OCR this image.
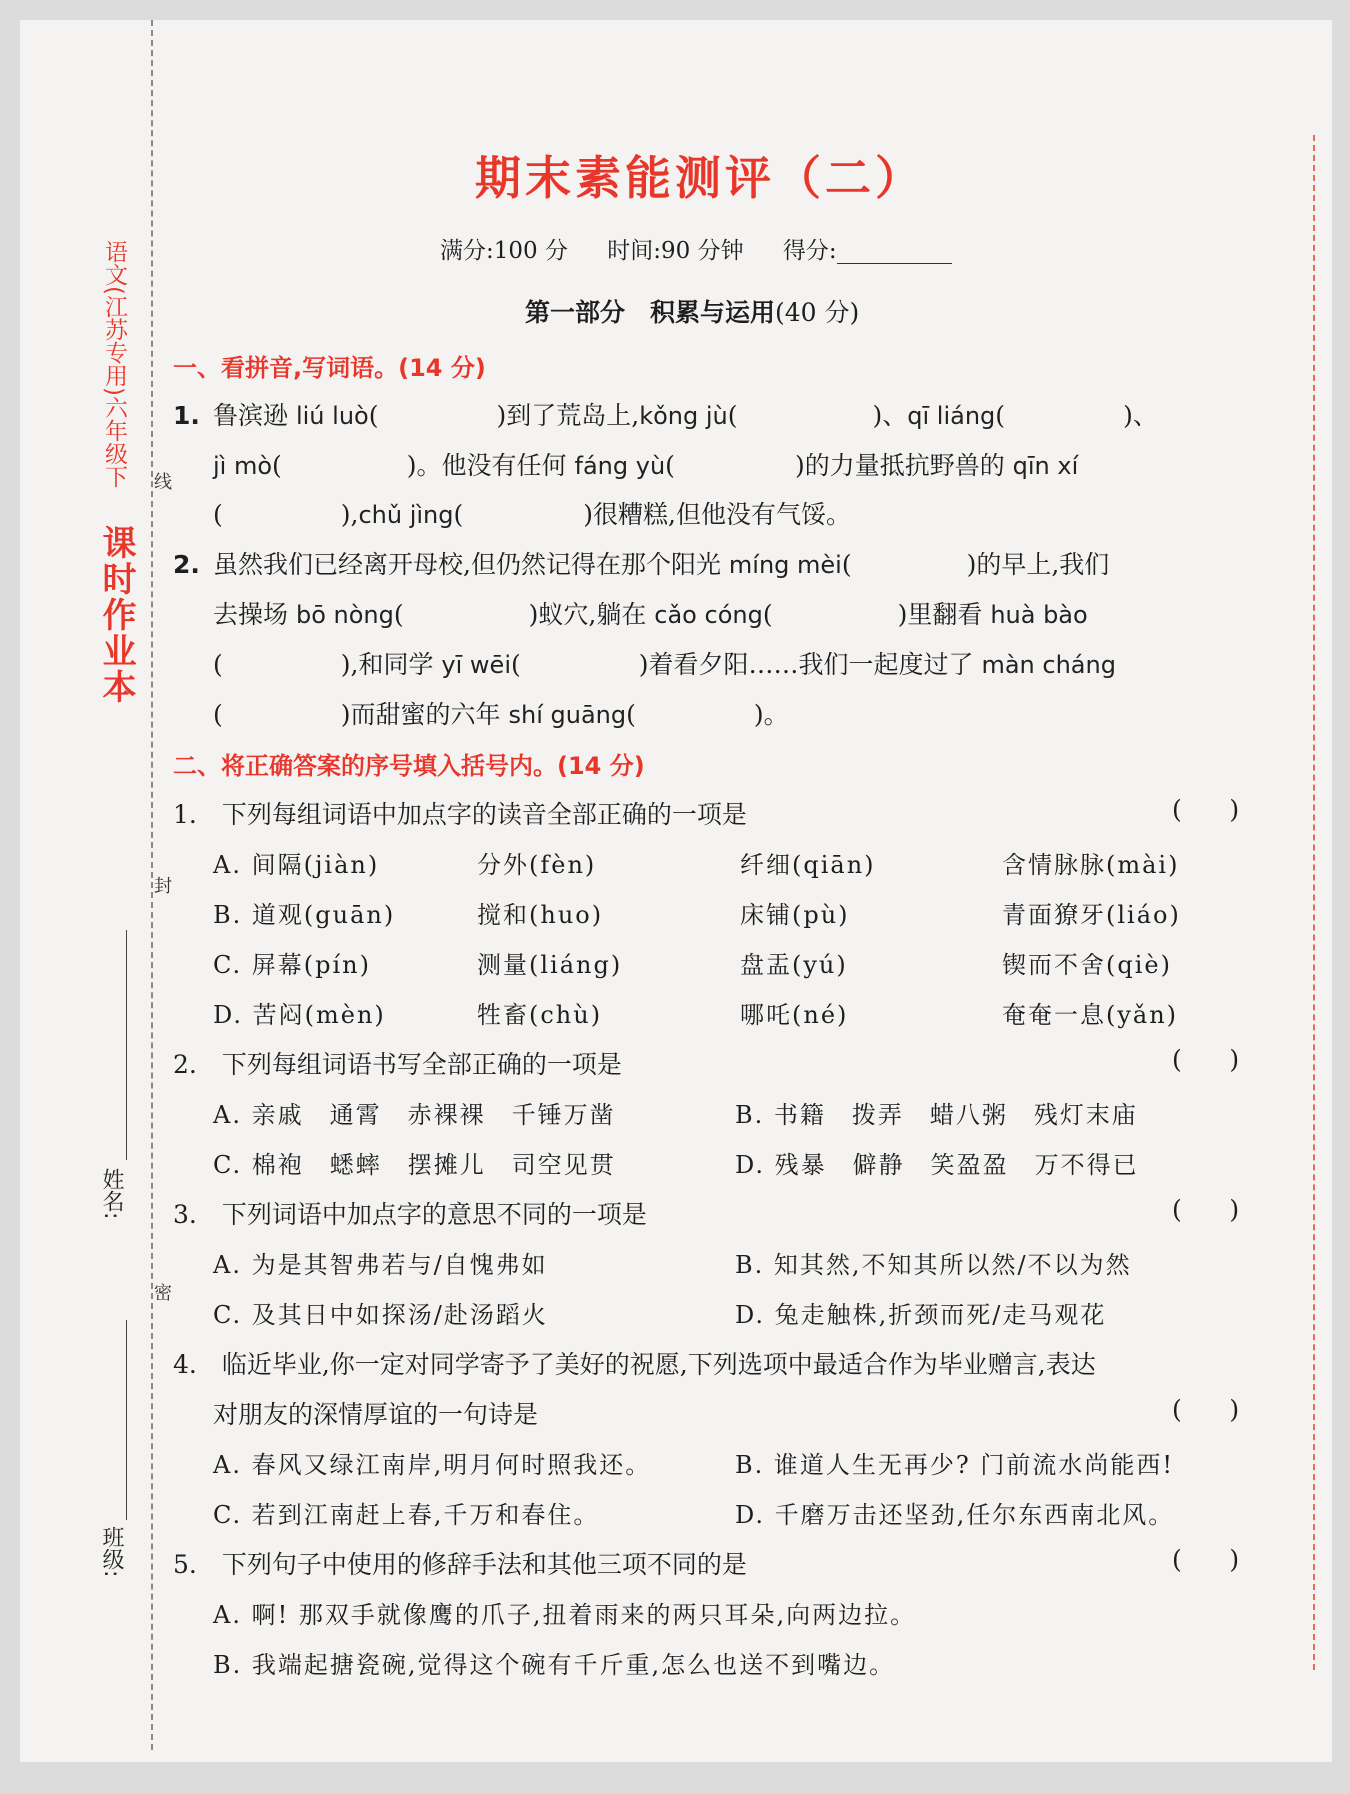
语文(江苏专用)六年级下
课时作业本
线
封
密
姓名:
班级:
期末素能测评（二）
满分:100 分 时间:90 分钟 得分:
第一部分　积累与运用(40 分)
一、看拼音,写词语。(14 分)
1. 鲁滨逊 liú luò(	)到了荒岛上,kǒng jù(	)、qī liáng(	)、
jì mò(	)。他没有任何 fáng yù(	)的力量抵抗野兽的 qīn xí
(	),chǔ jìng(	)很糟糕,但他没有气馁。
2. 虽然我们已经离开母校,但仍然记得在那个阳光 míng mèi(	)的早上,我们
去操场 bō nòng(	)蚁穴,躺在 cǎo cóng(	)里翻看 huà bào
(	),和同学 yī wēi(	)着看夕阳……我们一起度过了 màn cháng
(	)而甜蜜的六年 shí guāng(	)。
二、将正确答案的序号填入括号内。(14 分)
1.　下列每组词语中加点字的读音全部正确的一项是	(      )
A. 间隔(jiàn)	分外(fèn)	纤细(qiān)	含情脉脉(mài)
B. 道观(guān)	搅和(huo)	床铺(pù)	青面獠牙(liáo)
C. 屏幕(pín)	测量(liáng)	盘盂(yú)	锲而不舍(qiè)
D. 苦闷(mèn)	牲畜(chù)	哪吒(né)	奄奄一息(yǎn)
2.　下列每组词语书写全部正确的一项是	(      )
A. 亲戚　通霄　赤裸裸　千锤万凿	B. 书籍　拨弄　蜡八粥　残灯末庙
C. 棉袍　蟋蟀　摆摊儿　司空见贯	D. 残暴　僻静　笑盈盈　万不得已
3.　下列词语中加点字的意思不同的一项是	(      )
A. 为是其智弗若与/自愧弗如	B. 知其然,不知其所以然/不以为然
C. 及其日中如探汤/赴汤蹈火	D. 兔走触株,折颈而死/走马观花
4.　临近毕业,你一定对同学寄予了美好的祝愿,下列选项中最适合作为毕业赠言,表达
对朋友的深情厚谊的一句诗是	(      )
A. 春风又绿江南岸,明月何时照我还。	B. 谁道人生无再少? 门前流水尚能西!
C. 若到江南赶上春,千万和春住。	D. 千磨万击还坚劲,任尔东西南北风。
5.　下列句子中使用的修辞手法和其他三项不同的是	(      )
A. 啊! 那双手就像鹰的爪子,扭着雨来的两只耳朵,向两边拉。
B. 我端起搪瓷碗,觉得这个碗有千斤重,怎么也送不到嘴边。
